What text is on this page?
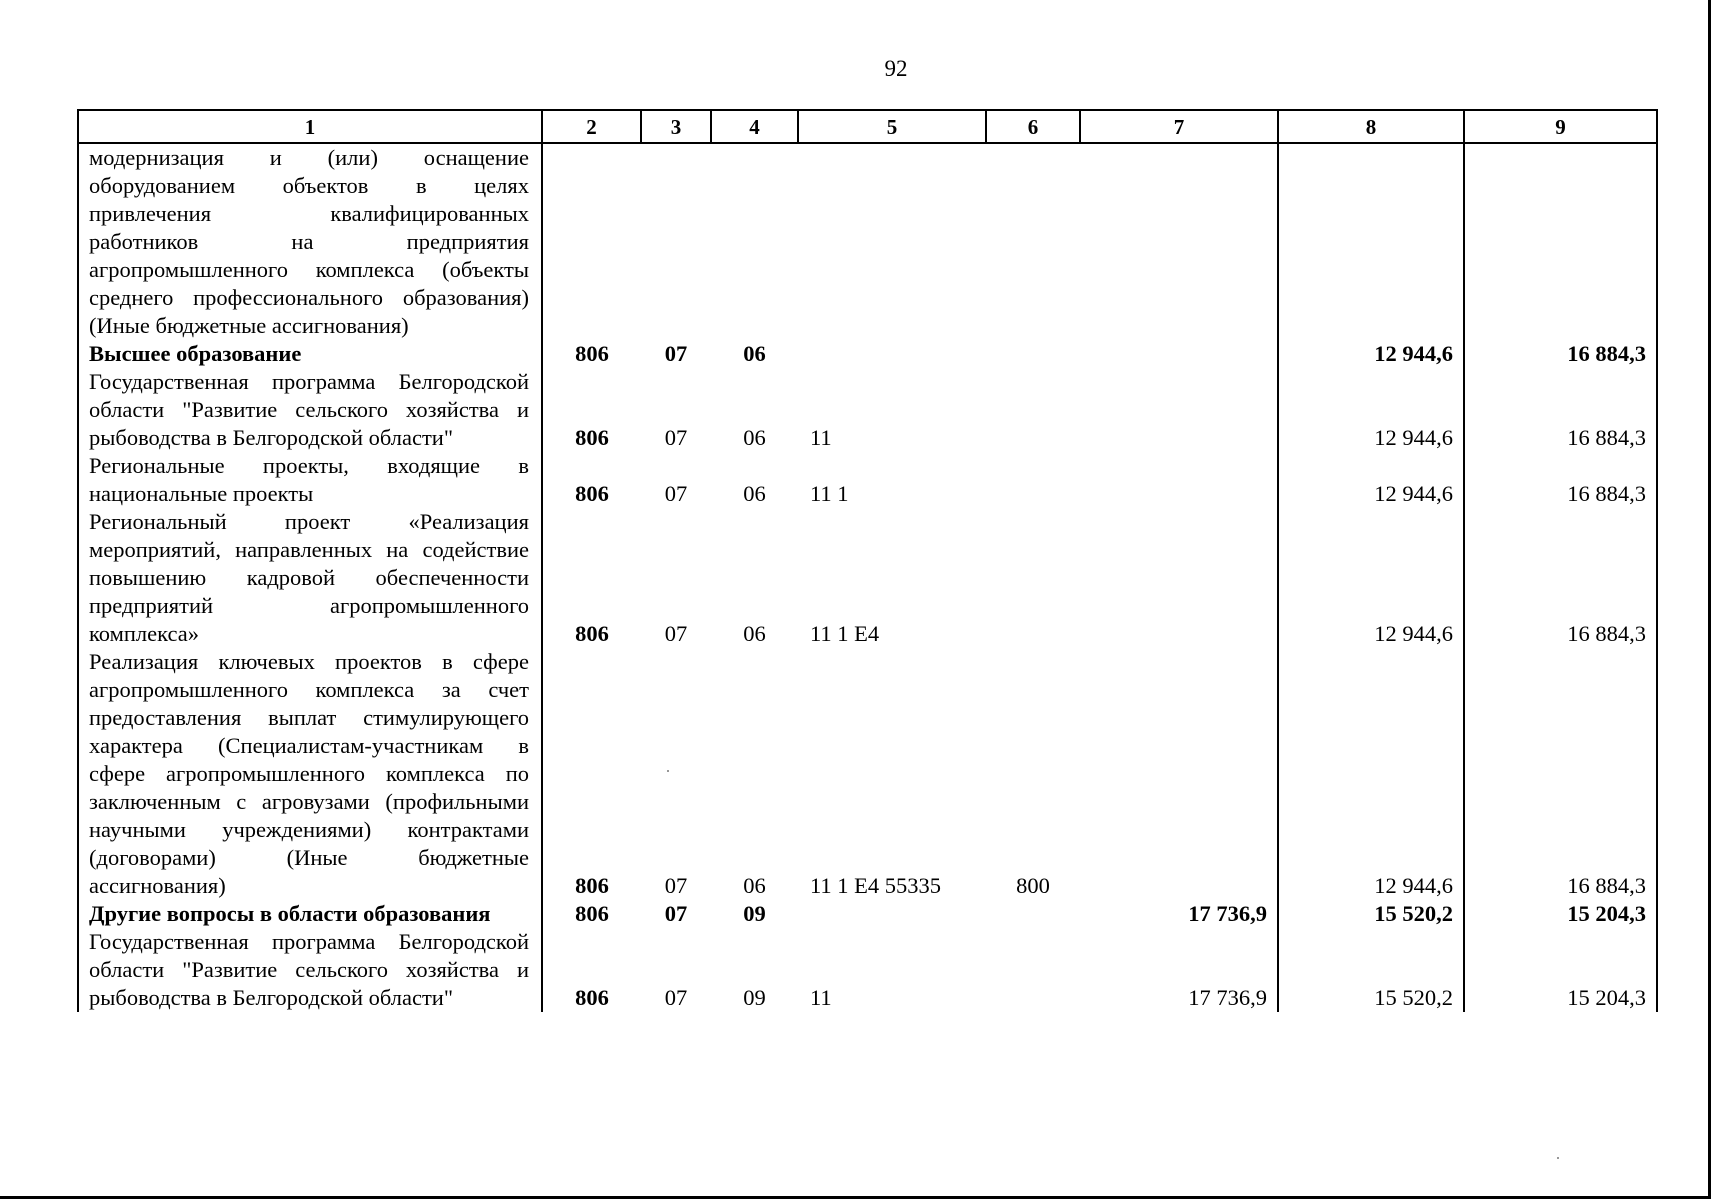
92
1	2	3	4	5	6	7	8	9
модернизация и (или) оснащение оборудованием объектов в целях привлечения квалифицированных работников на предприятия агропромышленного комплекса (объекты среднего профессионального образования) (Иные бюджетные ассигнования)								
Высшее образование	806	07	06				12 944,6	16 884,3
Государственная программа Белгородской области "Развитие сельского хозяйства и рыбоводства в Белгородской области"	806	07	06	11			12 944,6	16 884,3
Региональные проекты, входящие в национальные проекты	806	07	06	11 1			12 944,6	16 884,3
Региональный проект «Реализация мероприятий, направленных на содействие повышению кадровой обеспеченности предприятий агропромышленного комплекса»	806	07	06	11 1 Е4			12 944,6	16 884,3
Реализация ключевых проектов в сфере агропромышленного комплекса за счет предоставления выплат стимулирующего характера (Специалистам-участникам в сфере агропромышленного комплекса по заключенным с агровузами (профильными научными учреждениями) контрактами (договорами) (Иные бюджетные ассигнования)	806	07	06	11 1 Е4 55335	800		12 944,6	16 884,3
Другие вопросы в области образования	806	07	09			17 736,9	15 520,2	15 204,3
Государственная программа Белгородской области "Развитие сельского хозяйства и рыбоводства в Белгородской области"	806	07	09	11		17 736,9	15 520,2	15 204,3
